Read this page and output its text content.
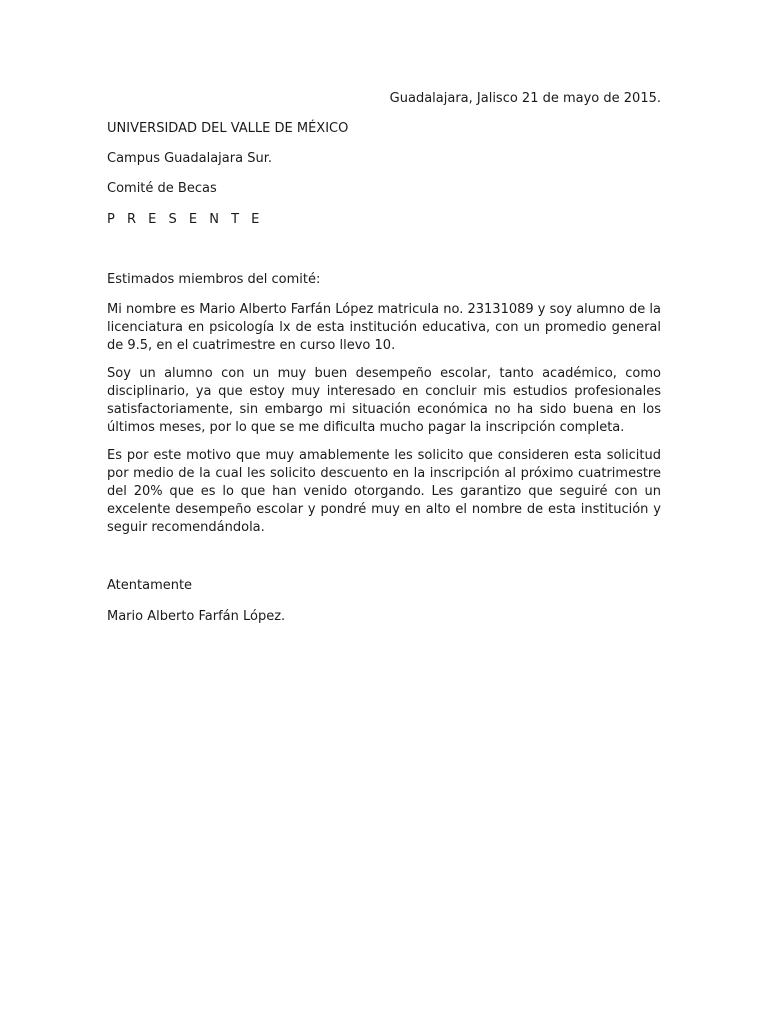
Guadalajara, Jalisco 21 de mayo de 2015.
UNIVERSIDAD DEL VALLE DE MÉXICO
Campus Guadalajara Sur.
Comité de Becas
P R E S E N T E
Estimados miembros del comité:

Mi nombre es Mario Alberto Farfán López matricula no. 23131089 y soy alumno de la licenciatura en psicología lx de esta institución educativa, con un promedio general de 9.5, en el cuatrimestre en curso llevo 10.

Soy un alumno con un muy buen desempeño escolar, tanto académico, como disciplinario, ya que estoy muy interesado en concluir mis estudios profesionales satisfactoriamente, sin embargo mi situación económica no ha sido buena en los últimos meses, por lo que se me dificulta mucho pagar la inscripción completa.

Es por este motivo que muy amablemente les solicito que consideren esta solicitud por medio de la cual les solicito descuento en la inscripción al próximo cuatrimestre del 20% que es lo que han venido otorgando. Les garantizo que seguiré con un excelente desempeño escolar y pondré muy en alto el nombre de esta institución y seguir recomendándola.

Atentamente
Mario Alberto Farfán López.
